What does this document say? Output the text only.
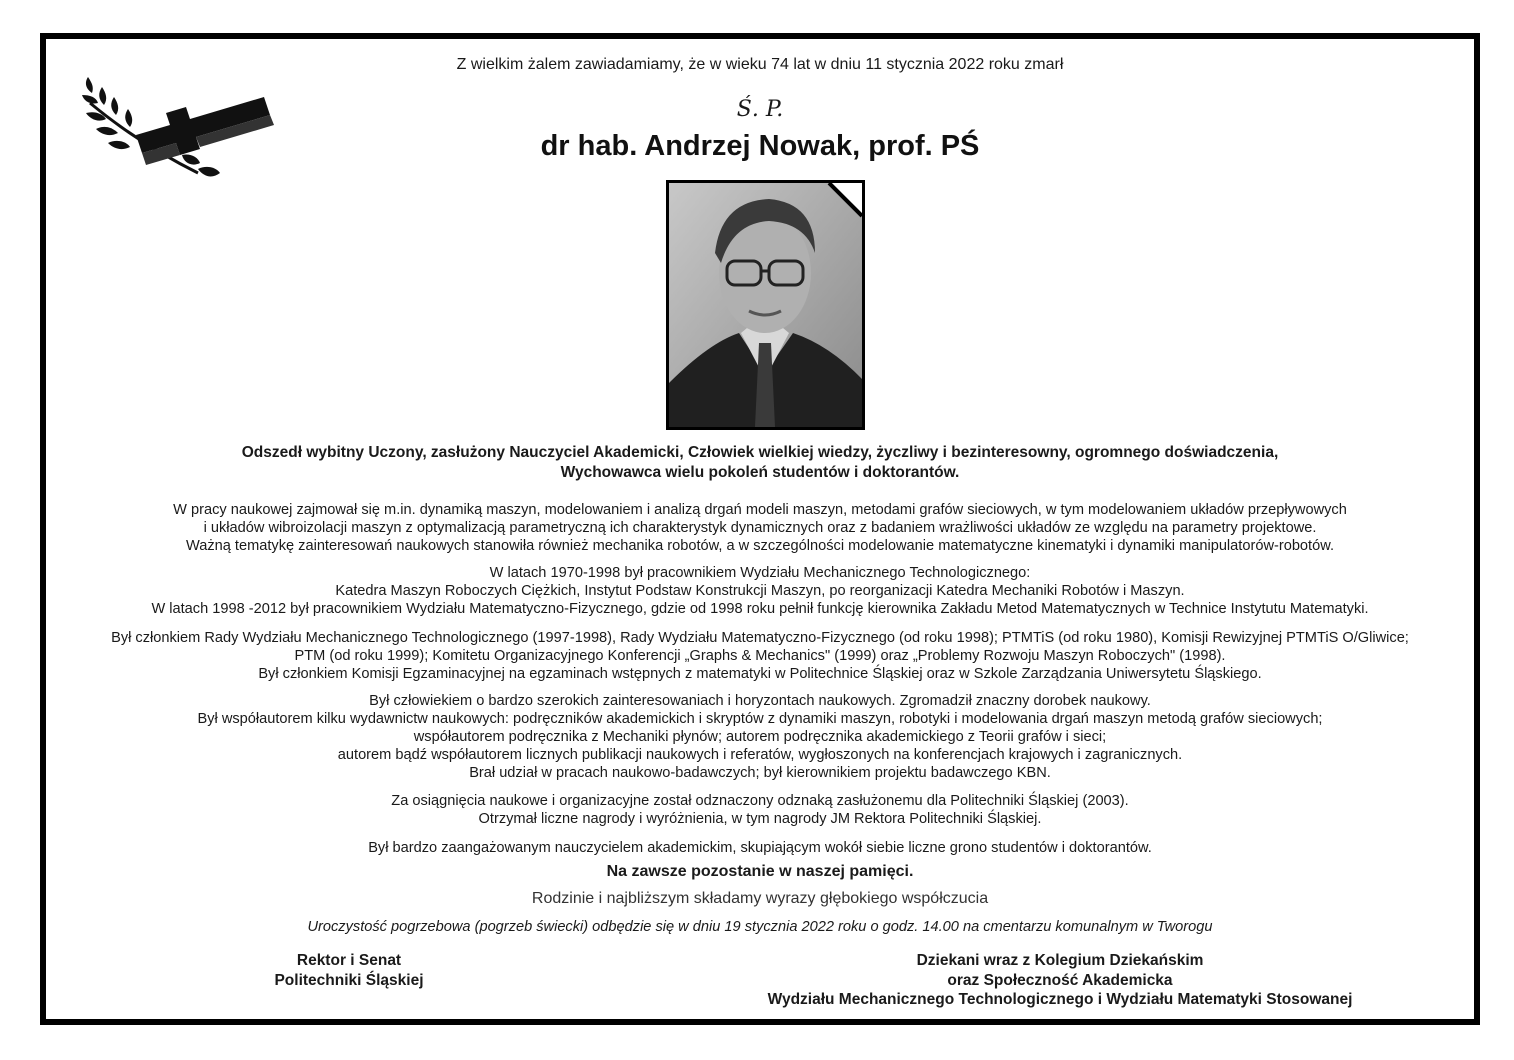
Z wielkim żalem zawiadamiamy, że w wieku 74 lat w dniu 11 stycznia 2022 roku zmarł
Ś. P.
dr hab. Andrzej Nowak, prof. PŚ
Odszedł wybitny Uczony, zasłużony Nauczyciel Akademicki, Człowiek wielkiej wiedzy, życzliwy i bezinteresowny, ogromnego doświadczenia,
Wychowawca wielu pokoleń studentów i doktorantów.
W pracy naukowej zajmował się m.in. dynamiką maszyn, modelowaniem i analizą drgań modeli maszyn, metodami grafów sieciowych, w tym modelowaniem układów przepływowych
i układów wibroizolacji maszyn z optymalizacją parametryczną ich charakterystyk dynamicznych oraz z badaniem wrażliwości układów ze względu na parametry projektowe.
Ważną tematykę zainteresowań naukowych stanowiła również mechanika robotów, a w szczególności modelowanie matematyczne kinematyki i dynamiki manipulatorów-robotów.
W latach 1970-1998 był pracownikiem Wydziału Mechanicznego Technologicznego:
Katedra Maszyn Roboczych Ciężkich, Instytut Podstaw Konstrukcji Maszyn, po reorganizacji Katedra Mechaniki Robotów i Maszyn.
W latach 1998 -2012 był pracownikiem Wydziału Matematyczno-Fizycznego, gdzie od 1998 roku pełnił funkcję kierownika Zakładu Metod Matematycznych w Technice Instytutu Matematyki.
Był członkiem Rady Wydziału Mechanicznego Technologicznego (1997-1998), Rady Wydziału Matematyczno-Fizycznego (od roku 1998); PTMTiS (od roku 1980), Komisji Rewizyjnej PTMTiS O/Gliwice;
PTM (od roku 1999); Komitetu Organizacyjnego Konferencji „Graphs & Mechanics" (1999) oraz „Problemy Rozwoju Maszyn Roboczych" (1998).
Był członkiem Komisji Egzaminacyjnej na egzaminach wstępnych z matematyki w Politechnice Śląskiej oraz w Szkole Zarządzania Uniwersytetu Śląskiego.
Był człowiekiem o bardzo szerokich zainteresowaniach i horyzontach naukowych. Zgromadził znaczny dorobek naukowy.
Był współautorem kilku wydawnictw naukowych: podręczników akademickich i skryptów z dynamiki maszyn, robotyki i modelowania drgań maszyn metodą grafów sieciowych;
współautorem podręcznika z Mechaniki płynów; autorem podręcznika akademickiego z Teorii grafów i sieci;
autorem bądź współautorem licznych publikacji naukowych i referatów, wygłoszonych na konferencjach krajowych i zagranicznych.
Brał udział w pracach naukowo-badawczych; był kierownikiem projektu badawczego KBN.
Za osiągnięcia naukowe i organizacyjne został odznaczony odznaką zasłużonemu dla Politechniki Śląskiej (2003).
Otrzymał liczne nagrody i wyróżnienia, w tym nagrody JM Rektora Politechniki Śląskiej.
Był bardzo zaangażowanym nauczycielem akademickim, skupiającym wokół siebie liczne grono studentów i doktorantów.
Na zawsze pozostanie w naszej pamięci.
Rodzinie i najbliższym składamy wyrazy głębokiego współczucia
Uroczystość pogrzebowa (pogrzeb świecki) odbędzie się w dniu 19 stycznia 2022 roku o godz. 14.00 na cmentarzu komunalnym w Tworogu
Rektor i Senat
Politechniki Śląskiej
Dziekani wraz z Kolegium Dziekańskim
oraz Społeczność Akademicka
Wydziału Mechanicznego Technologicznego i Wydziału Matematyki Stosowanej
